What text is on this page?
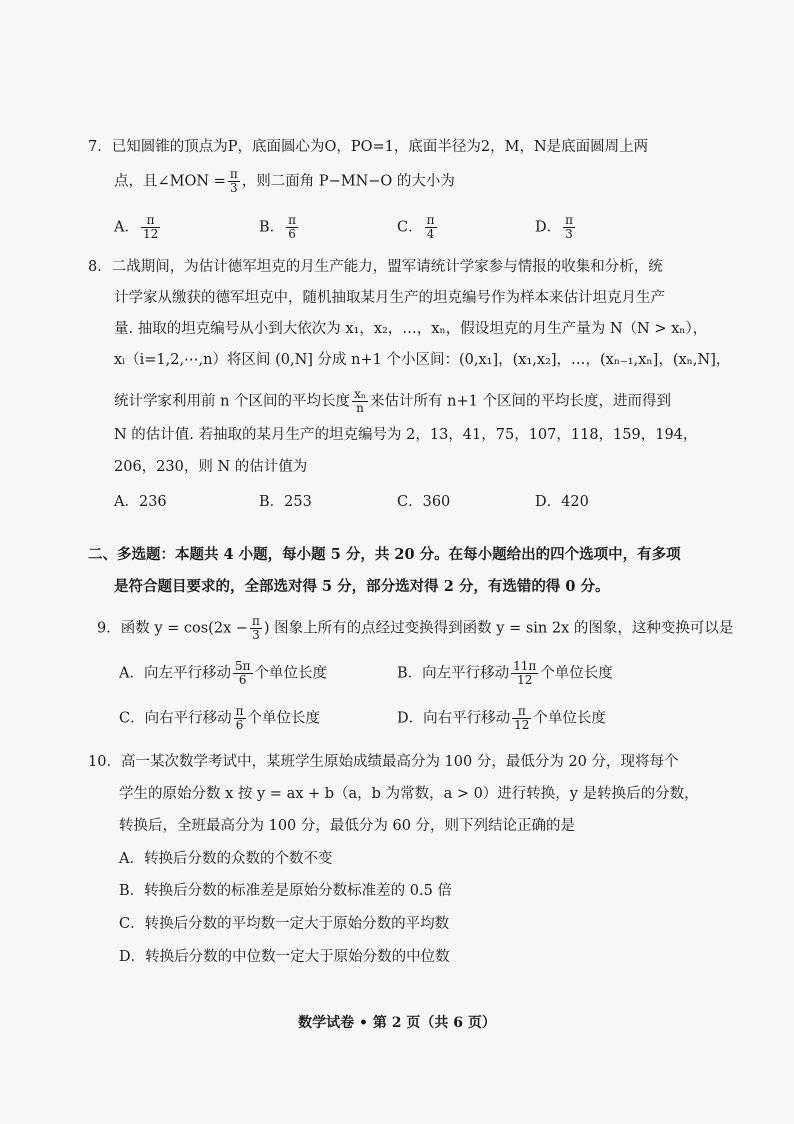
7．已知圆锥的顶点为P，底面圆心为O，PO=1，底面半径为2，M，N是底面圆周上两
点，且∠MON = $\frac{\pi}{3}$ ，则二面角 P−MN−O 的大小为
A． $\frac{\pi}{12}$	B． $\frac{\pi}{6}$	C． $\frac{\pi}{4}$	D． $\frac{\pi}{3}$
8．二战期间，为估计德军坦克的月生产能力，盟军请统计学家参与情报的收集和分析，统
计学家从缴获的德军坦克中，随机抽取某月生产的坦克编号作为样本来估计坦克月生产
量. 抽取的坦克编号从小到大依次为 x₁，x₂，…，xₙ，假设坦克的月生产量为 N（N > xₙ），
xᵢ（i=1,2,⋯,n）将区间 (0,N] 分成 n+1 个小区间：(0,x₁]，(x₁,x₂]，…，(xₙ₋₁,xₙ]，(xₙ,N]，
统计学家利用前 n 个区间的平均长度 $\frac{\text{xₙ}}{n}$ 来估计所有 n+1 个区间的平均长度，进而得到
N 的估计值. 若抽取的某月生产的坦克编号为 2，13，41，75，107，118，159，194，
206，230，则 N 的估计值为
A．236	B．253	C．360	D．420
二、多选题：本题共 4 小题，每小题 5 分，共 20 分。在每小题给出的四个选项中，有多项
是符合题目要求的，全部选对得 5 分，部分选对得 2 分，有选错的得 0 分。
9．函数 $y = \cos(2x - \frac{\pi}{3}$ ) 图象上所有的点经过变换得到函数 y = sin 2x 的图象，这种变换可以是
A．向左平行移动 $\frac{5\pi}{6}$ 个单位长度	B．向左平行移动 $\frac{11\pi}{12}$ 个单位长度
C．向右平行移动 $\frac{\pi}{6}$ 个单位长度	D．向右平行移动 $\frac{\pi}{12}$ 个单位长度
10．高一某次数学考试中，某班学生原始成绩最高分为 100 分，最低分为 20 分，现将每个
学生的原始分数 x 按 y = ax + b（a，b 为常数，a > 0）进行转换，y 是转换后的分数，
转换后，全班最高分为 100 分，最低分为 60 分，则下列结论正确的是
A．转换后分数的众数的个数不变
B．转换后分数的标准差是原始分数标准差的 0.5 倍
C．转换后分数的平均数一定大于原始分数的平均数
D．转换后分数的中位数一定大于原始分数的中位数
数学试卷 • 第 2 页（共 6 页）
